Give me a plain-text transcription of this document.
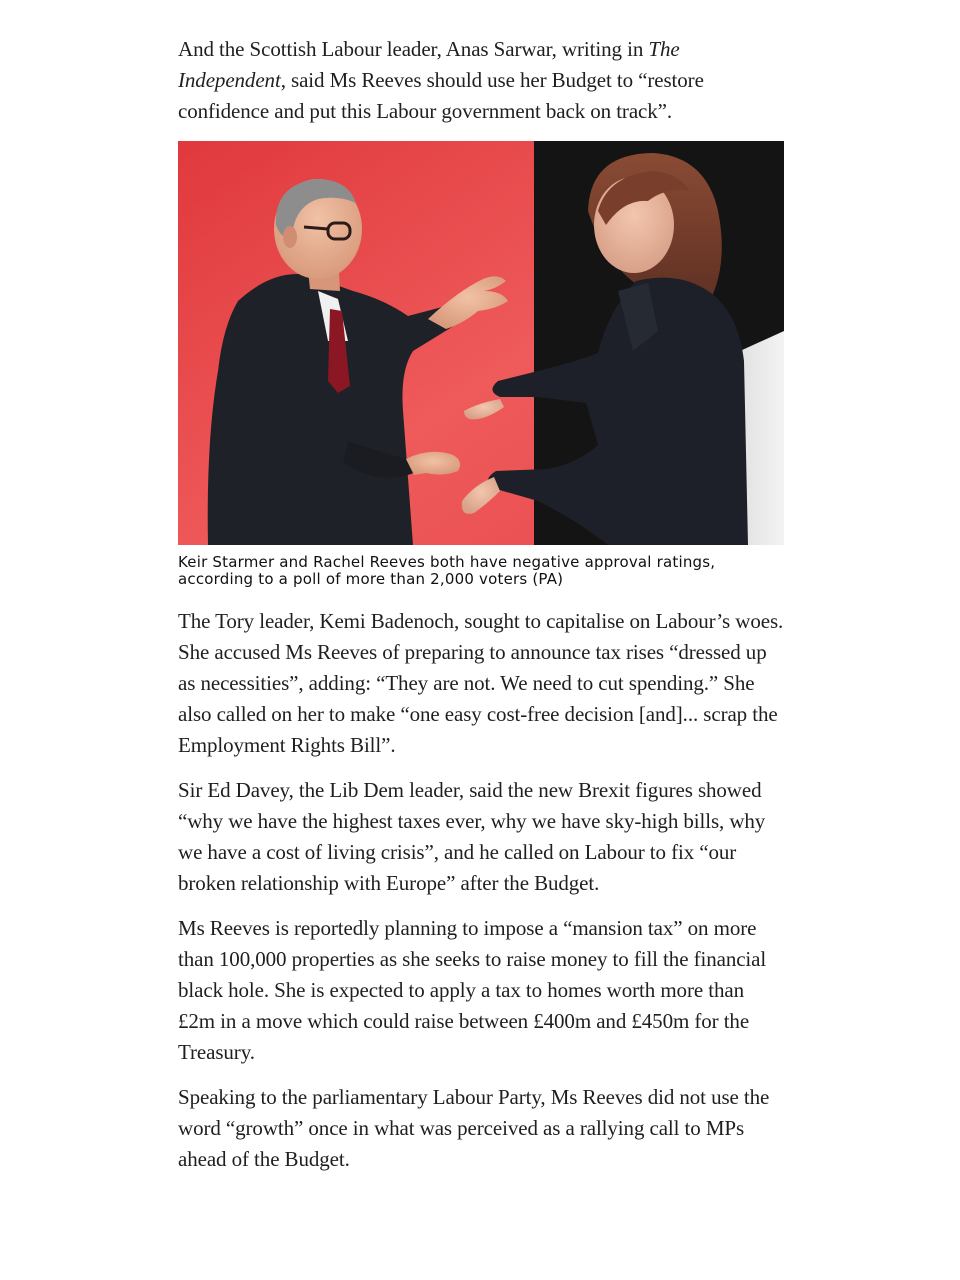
And the Scottish Labour leader, Anas Sarwar, writing in The Independent, said Ms Reeves should use her Budget to “restore confidence and put this Labour government back on track”.

Keir Starmer and Rachel Reeves both have negative approval ratings, according to a poll of more than 2,000 voters (PA)

The Tory leader, Kemi Badenoch, sought to capitalise on Labour’s woes. She accused Ms Reeves of preparing to announce tax rises “dressed up as necessities”, adding: “They are not. We need to cut spending.” She also called on her to make “one easy cost-free decision [and]... scrap the Employment Rights Bill”.

Sir Ed Davey, the Lib Dem leader, said the new Brexit figures showed “why we have the highest taxes ever, why we have sky-high bills, why we have a cost of living crisis”, and he called on Labour to fix “our broken relationship with Europe” after the Budget.

Ms Reeves is reportedly planning to impose a “mansion tax” on more than 100,000 properties as she seeks to raise money to fill the financial black hole. She is expected to apply a tax to homes worth more than £2m in a move which could raise between £400m and £450m for the Treasury.

Speaking to the parliamentary Labour Party, Ms Reeves did not use the word “growth” once in what was perceived as a rallying call to MPs ahead of the Budget.
